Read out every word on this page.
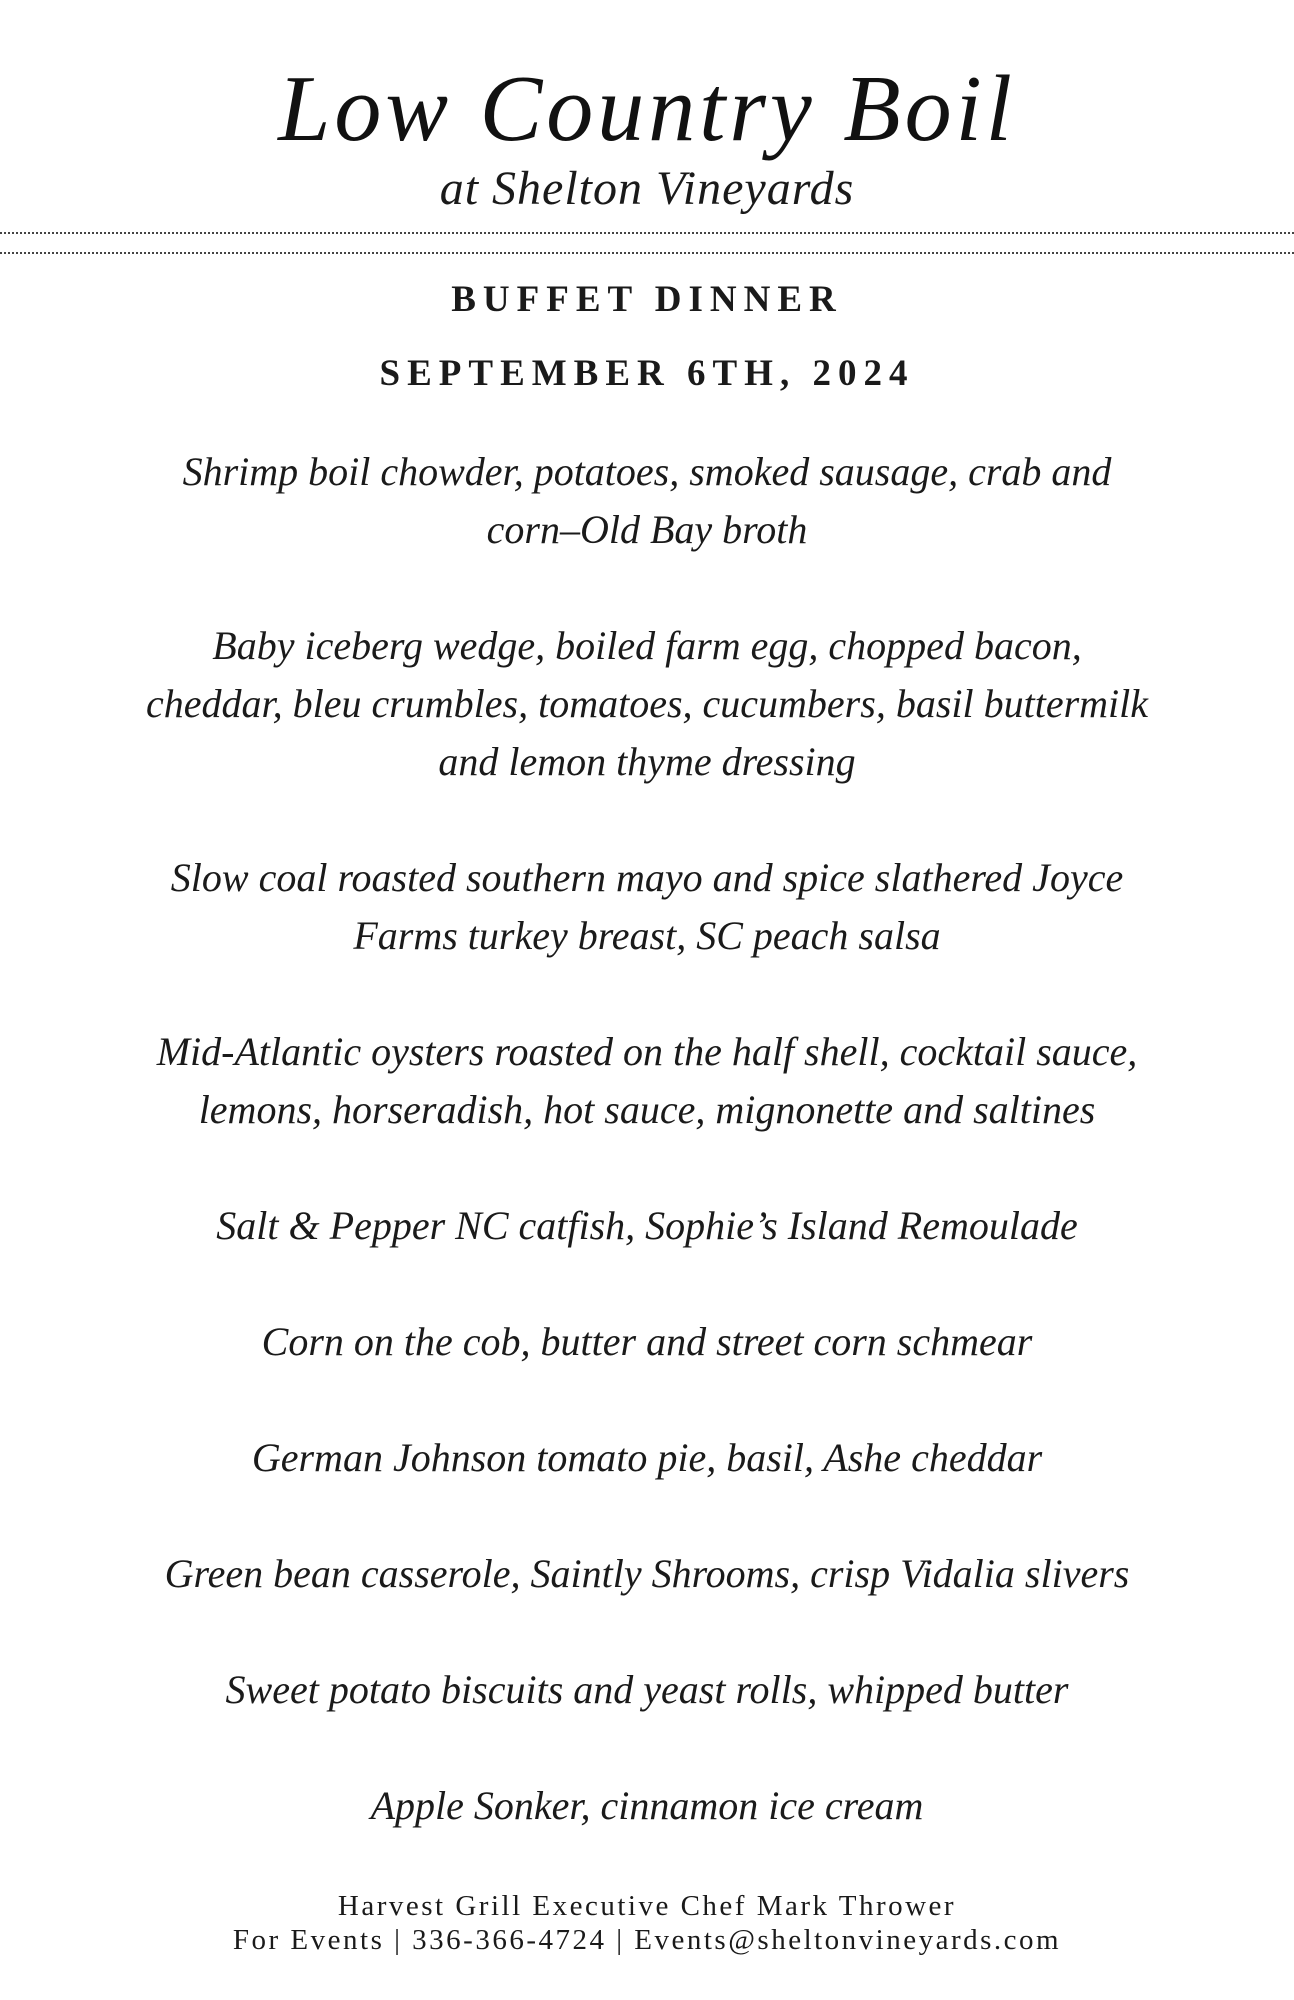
Low Country Boil
at Shelton Vineyards
BUFFET DINNER
SEPTEMBER 6TH, 2024
Shrimp boil chowder, potatoes, smoked sausage, crab and corn–Old Bay broth
Baby iceberg wedge, boiled farm egg, chopped bacon, cheddar, bleu crumbles, tomatoes, cucumbers, basil buttermilk and lemon thyme dressing
Slow coal roasted southern mayo and spice slathered Joyce Farms turkey breast, SC peach salsa
Mid-Atlantic oysters roasted on the half shell, cocktail sauce, lemons, horseradish, hot sauce, mignonette and saltines
Salt & Pepper NC catfish, Sophie’s Island Remoulade
Corn on the cob, butter and street corn schmear
German Johnson tomato pie, basil, Ashe cheddar
Green bean casserole, Saintly Shrooms, crisp Vidalia slivers
Sweet potato biscuits and yeast rolls, whipped butter
Apple Sonker, cinnamon ice cream
Harvest Grill Executive Chef Mark Thrower
For Events | 336-366-4724 | Events@sheltonvineyards.com
